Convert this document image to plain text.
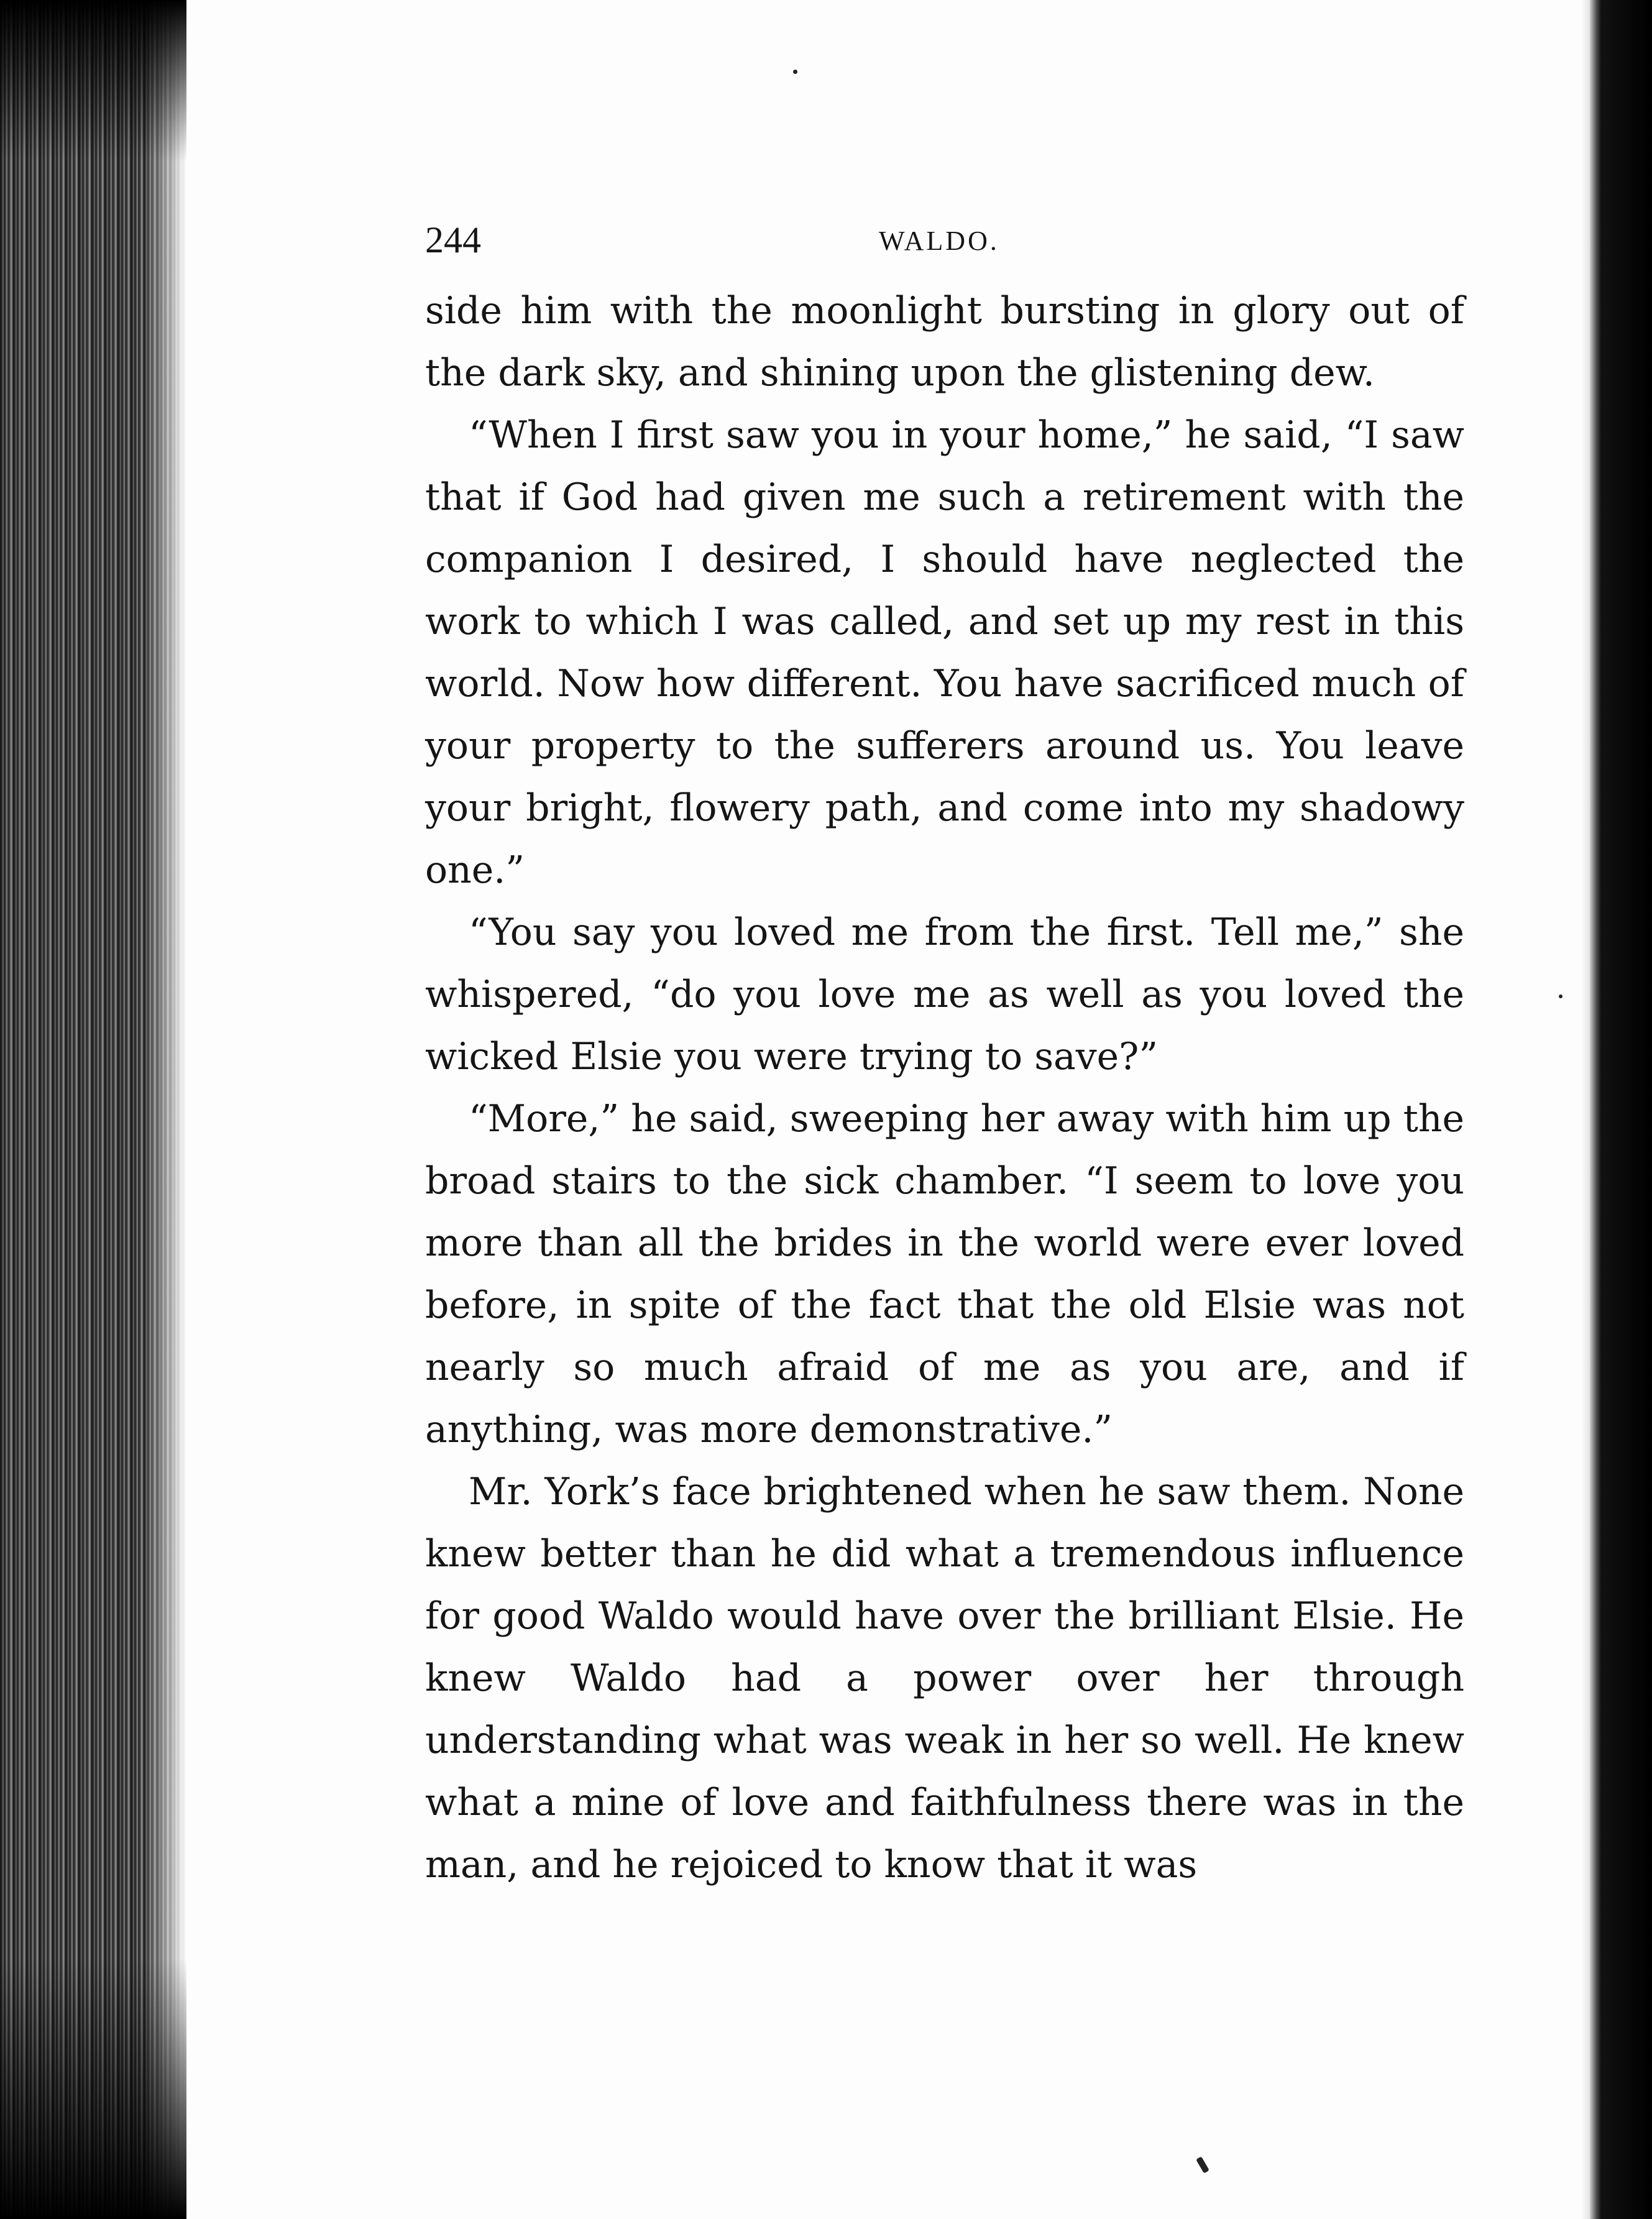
244	WALDO.

side him with the moonlight bursting in glory out of the dark sky, and shining upon the glistening dew.

“When I first saw you in your home,” he said, “I saw that if God had given me such a retirement with the companion I desired, I should have neglected the work to which I was called, and set up my rest in this world. Now how different. You have sacrificed much of your property to the sufferers around us. You leave your bright, flowery path, and come into my shadowy one.”

“You say you loved me from the first. Tell me,” she whispered, “do you love me as well as you loved the wicked Elsie you were trying to save?”

“More,” he said, sweeping her away with him up the broad stairs to the sick chamber. “I seem to love you more than all the brides in the world were ever loved before, in spite of the fact that the old Elsie was not nearly so much afraid of me as you are, and if anything, was more demonstrative.”

Mr. York’s face brightened when he saw them. None knew better than he did what a tremendous influence for good Waldo would have over the brilliant Elsie. He knew Waldo had a power over her through understanding what was weak in her so well. He knew what a mine of love and faithfulness there was in the man, and he rejoiced to know that it was
